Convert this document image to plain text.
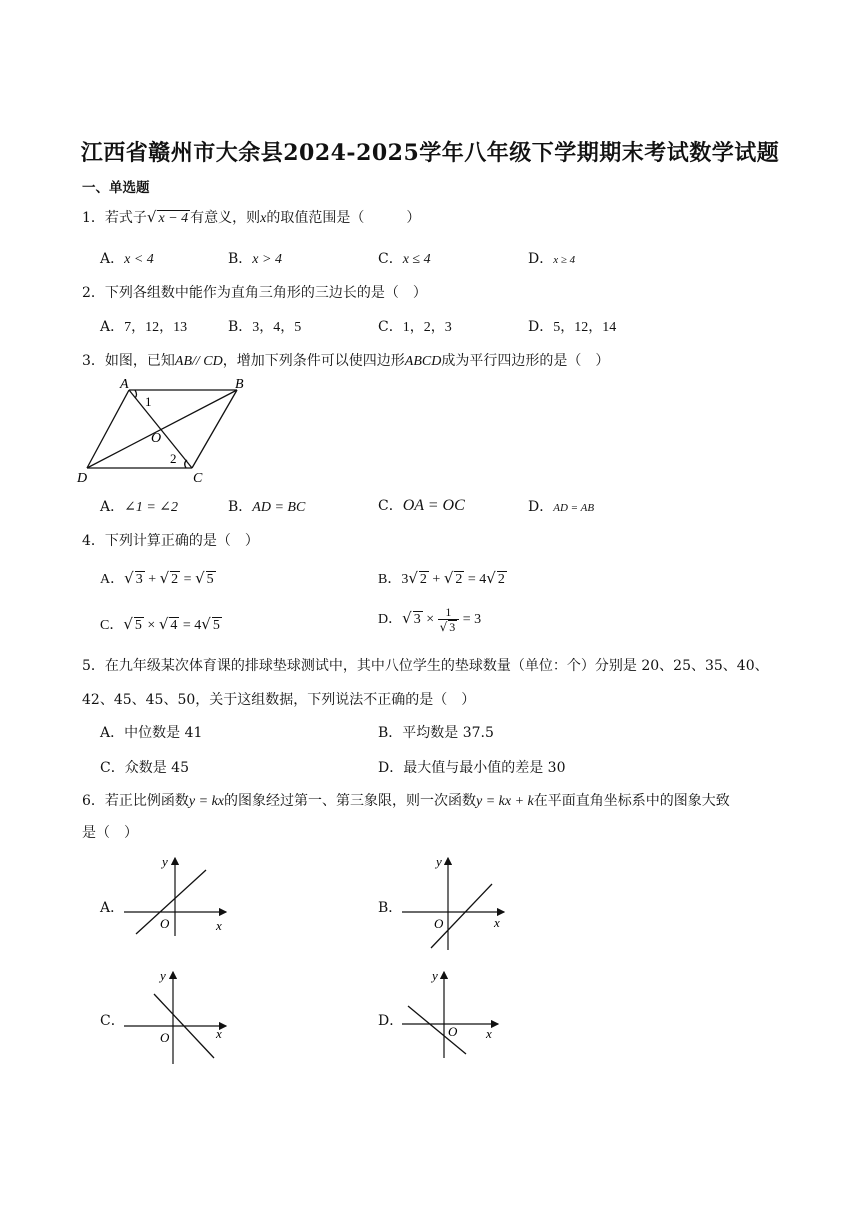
江西省赣州市大余县2024-2025学年八年级下学期期末考试数学试题
一、单选题
1．若式子√ x − 4 有意义，则x的取值范围是（　　　）
A．x < 4	B．x > 4	C．x ≤ 4	D．x ≥ 4
2．下列各组数中能作为直角三角形的三边长的是（　）
A．7，12，13	B．3，4，5	C．1，2，3	D．5，12，14
3．如图，已知AB// CD，增加下列条件可以使四边形ABCD成为平行四边形的是（　）
A	B
C
D
O
1
2
A．∠1 = ∠2	B．AD = BC	C．OA = OC	D．AD = AB
4．下列计算正确的是（　）
A．√ 3 + √ 2 = √ 5	B．3√ 2 + √ 2 = 4√ 2
C．√ 5 × √ 4 = 4√ 5	D．√ $3 \times \frac{1}{√ 3} = 3$
5．在九年级某次体育课的排球垫球测试中，其中八位学生的垫球数量（单位：个）分别是 20、25、35、40、
42、45、45、50，关于这组数据，下列说法不正确的是（　）
A．中位数是 41	B．平均数是 37.5
C．众数是 45	D．最大值与最小值的差是 30
6．若正比例函数y = kx的图象经过第一、第三象限，则一次函数y = kx + k在平面直角坐标系中的图象大致
是（　）
A．	B．
C．	D．
O	x
y
O	x
y
O	x
y
O x
y
